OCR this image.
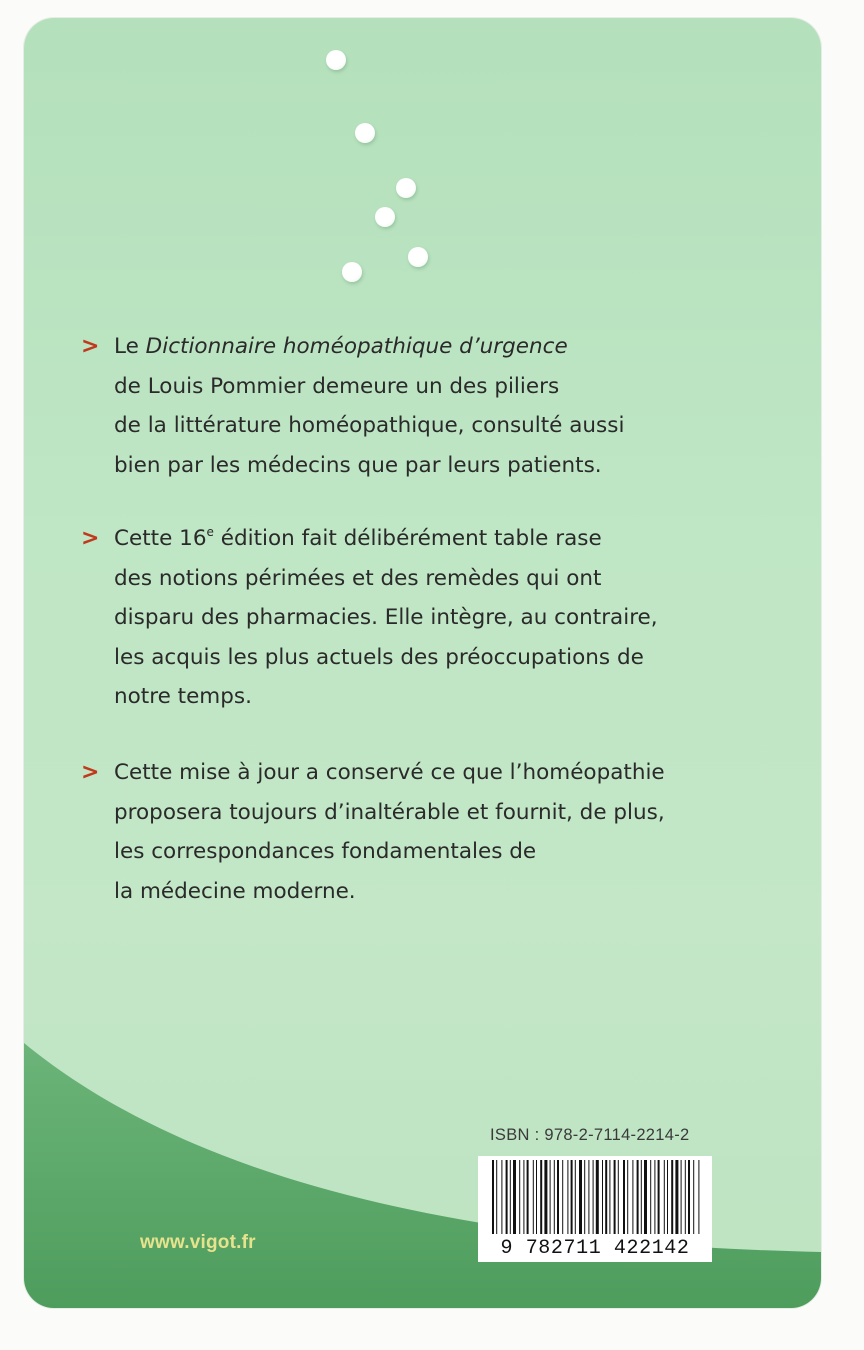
> Le Dictionnaire homéopathique d’urgence
de Louis Pommier demeure un des piliers
de la littérature homéopathique, consulté aussi
bien par les médecins que par leurs patients.
> Cette 16e édition fait délibérément table rase
des notions périmées et des remèdes qui ont
disparu des pharmacies. Elle intègre, au contraire,
les acquis les plus actuels des préoccupations de
notre temps.
> Cette mise à jour a conservé ce que l’homéopathie
proposera toujours d’inaltérable et fournit, de plus,
les correspondances fondamentales de
la médecine moderne.
www.vigot.fr
ISBN : 978-2-7114-2214-2
9 782711 422142
